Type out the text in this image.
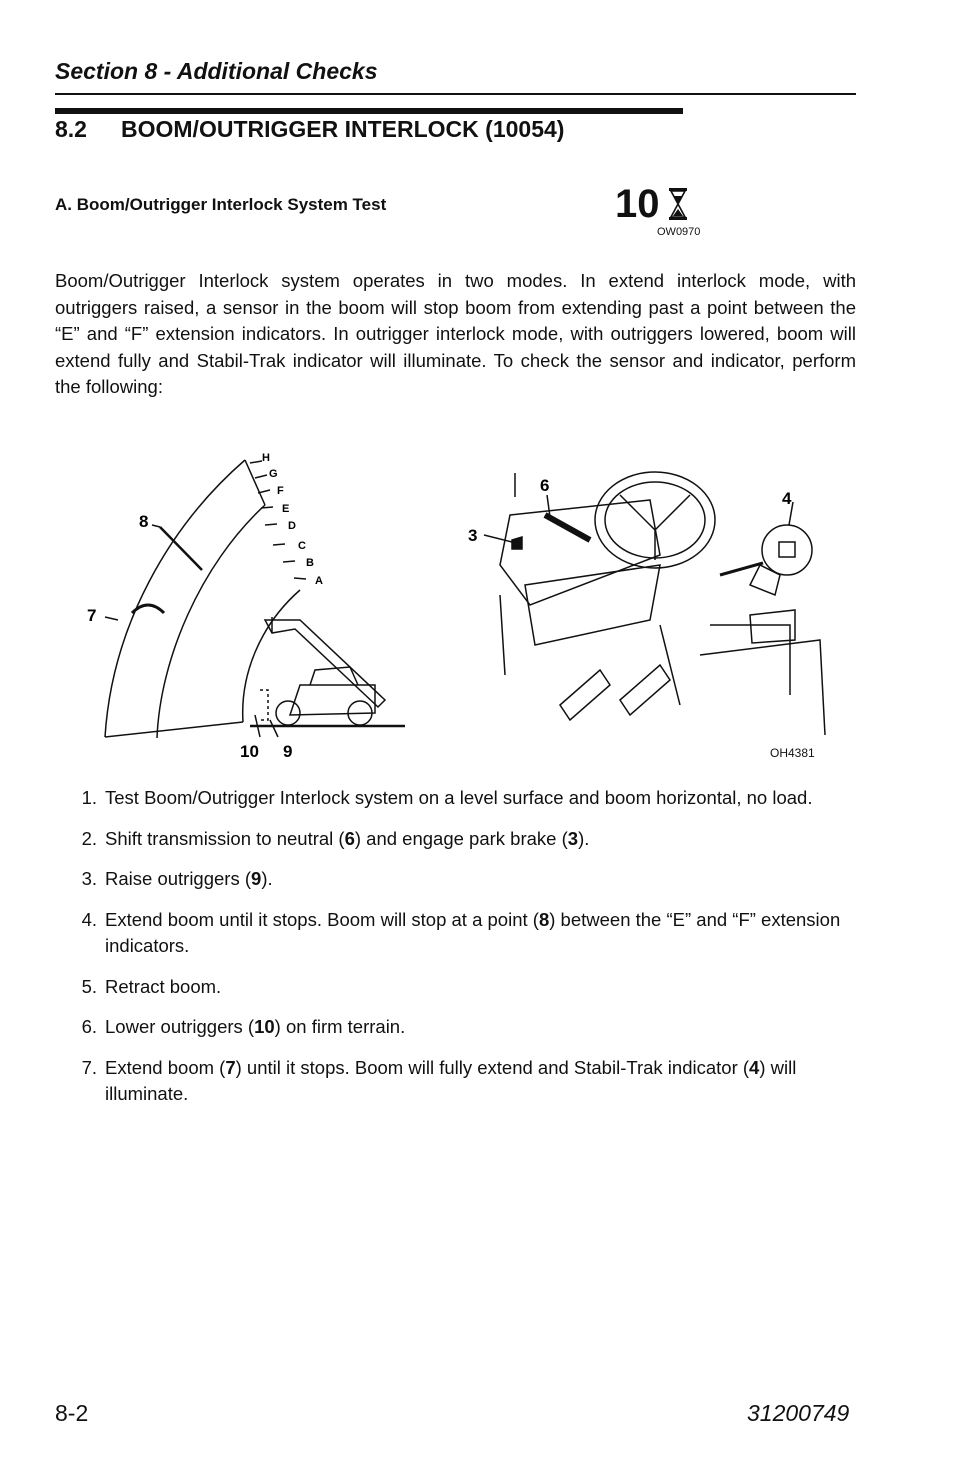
Section 8 - Additional Checks
8.2	BOOM/OUTRIGGER INTERLOCK (10054)
A. Boom/Outrigger Interlock System Test	10
OW0970
Boom/Outrigger Interlock system operates in two modes. In extend interlock mode, with outriggers raised, a sensor in the boom will stop boom from extending past a point between the “E” and “F” extension indicators. In outrigger interlock mode, with outriggers lowered, boom will extend fully and Stabil-Trak indicator will illuminate. To check the sensor and indicator, perform the following:
H
G
F
E
D
C
B
A
7
8
10 9
6
3
4
OH4381
1. Test Boom/Outrigger Interlock system on a level surface and boom horizontal, no load.
2. Shift transmission to neutral (6) and engage park brake (3).
3. Raise outriggers (9).
4. Extend boom until it stops. Boom will stop at a point (8) between the “E” and “F” extension indicators.
5. Retract boom.
6. Lower outriggers (10) on firm terrain.
7. Extend boom (7) until it stops. Boom will fully extend and Stabil-Trak indicator (4) will illuminate.
8-2	31200749
